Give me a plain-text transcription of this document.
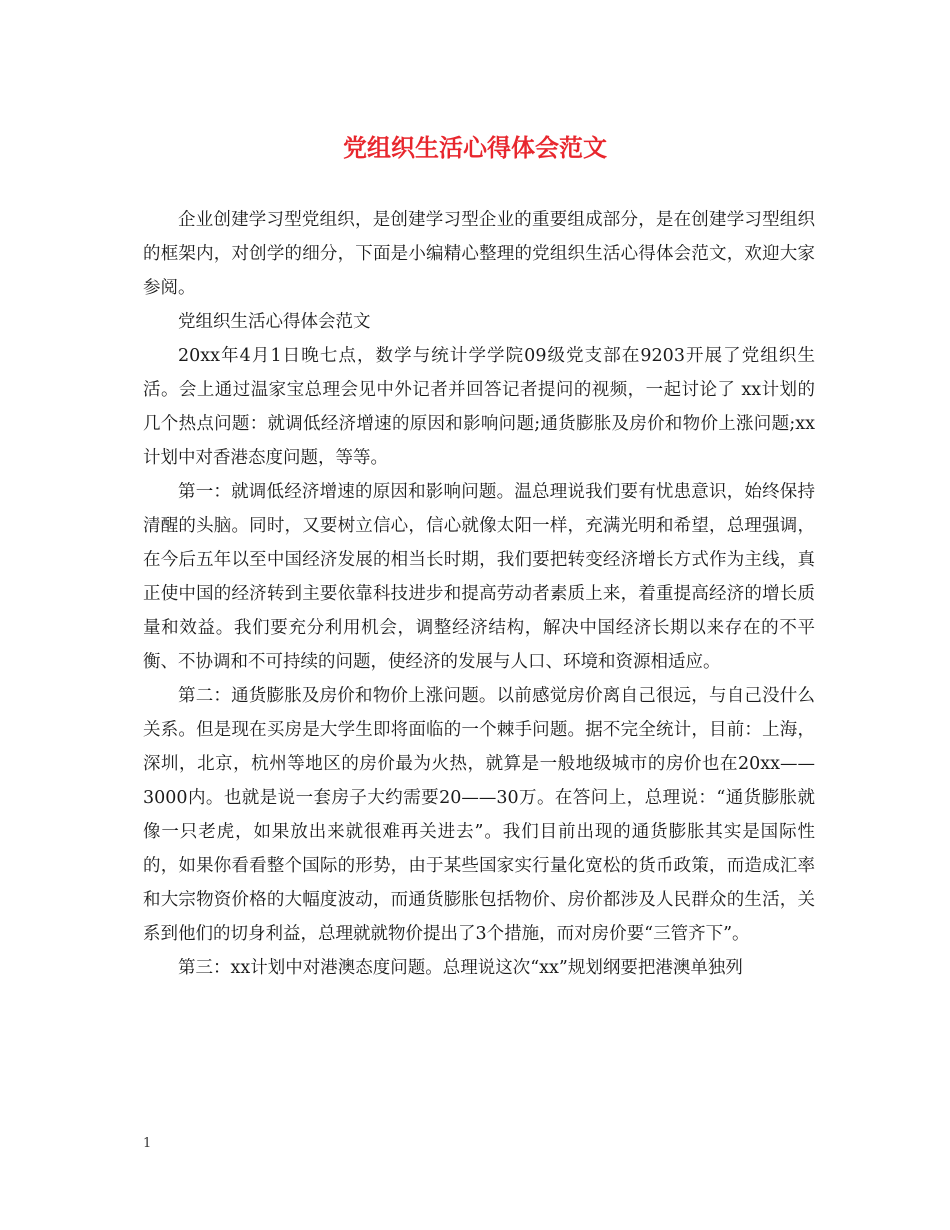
党组织生活心得体会范文

企业创建学习型党组织，是创建学习型企业的重要组成部分，是在创建学习型组织的框架内，对创学的细分，下面是小编精心整理的党组织生活心得体会范文，欢迎大家参阅。

党组织生活心得体会范文

20xx年4月1日晚七点，数学与统计学学院09级党支部在9203开展了党组织生活。会上通过温家宝总理会见中外记者并回答记者提问的视频，一起讨论了 xx计划的几个热点问题：就调低经济增速的原因和影响问题;通货膨胀及房价和物价上涨问题;xx计划中对香港态度问题，等等。

第一：就调低经济增速的原因和影响问题。温总理说我们要有忧患意识，始终保持清醒的头脑。同时，又要树立信心，信心就像太阳一样，充满光明和希望，总理强调，在今后五年以至中国经济发展的相当长时期，我们要把转变经济增长方式作为主线，真正使中国的经济转到主要依靠科技进步和提高劳动者素质上来，着重提高经济的增长质量和效益。我们要充分利用机会，调整经济结构，解决中国经济长期以来存在的不平衡、不协调和不可持续的问题，使经济的发展与人口、环境和资源相适应。

第二：通货膨胀及房价和物价上涨问题。以前感觉房价离自己很远，与自己没什么关系。但是现在买房是大学生即将面临的一个棘手问题。据不完全统计，目前：上海，深圳，北京，杭州等地区的房价最为火热，就算是一般地级城市的房价也在20xx——3000内。也就是说一套房子大约需要20——30万。在答问上，总理说：“通货膨胀就像一只老虎，如果放出来就很难再关进去”。我们目前出现的通货膨胀其实是国际性的，如果你看看整个国际的形势，由于某些国家实行量化宽松的货币政策，而造成汇率和大宗物资价格的大幅度波动，而通货膨胀包括物价、房价都涉及人民群众的生活，关系到他们的切身利益，总理就就物价提出了3个措施，而对房价要“三管齐下”。

第三：xx计划中对港澳态度问题。总理说这次“xx”规划纲要把港澳单独列

1
